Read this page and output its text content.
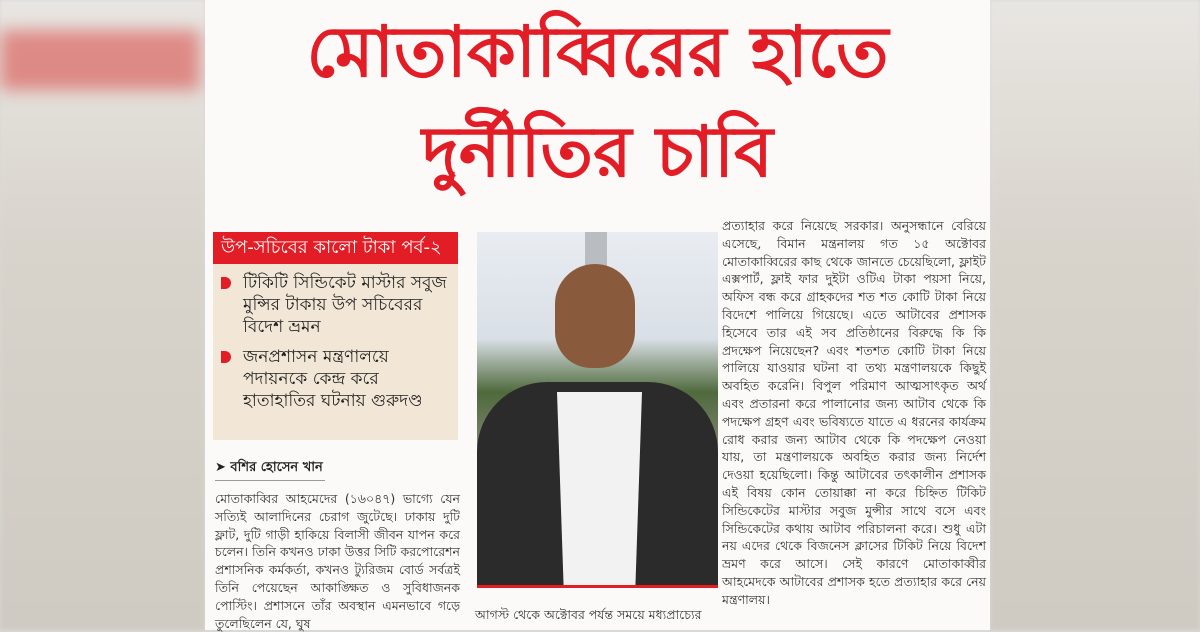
মোতাকাব্বিরের হাতে
দুর্নীতির চাবি
উপ-সচিবের কালো টাকা পর্ব-২
টিকিটি সিন্ডিকেট মাস্টার সবুজ মুন্সির টাকায় উপ সচিবেরর বিদেশ ভ্রমন
জনপ্রশাসন মন্ত্রণালয়ে পদায়নকে কেন্দ্র করে হাতাহাতির ঘটনায় গুরুদণ্ড
➤ বশির হোসেন খান
মোতাকাব্বির আহমেদের (১৬০৪৭) ভাগ্যে যেন সত্যিই আলাদিনের চেরাগ জুটেছে। ঢাকায় দুটি ফ্লাট, দুটি গাড়ী হাকিয়ে বিলাসী জীবন যাপন করে চলেন। তিনি কখনও ঢাকা উত্তর সিটি করপোরেশন প্রশাসনিক কর্মকর্তা, কখনও ট্যুরিজম বোর্ড সর্বত্রই তিনি পেয়েছেন আকাঙ্ক্ষিত ও সুবিধাজনক পোস্টিং। প্রশাসনে তাঁর অবস্থান এমনভাবে গড়ে তুলেছিলেন যে, ঘুষ
আগস্ট থেকে অক্টোবর পর্যন্ত সময়ে মধ্যপ্রাচ্যের
প্রত্যাহার করে নিয়েছে সরকার। অনুসন্ধানে বেরিয়ে এসেছে, বিমান মন্ত্রনালয় গত ১৫ অক্টোবর মোতাকাব্বিরের কাছ থেকে জানতে চেয়েছিলো, ফ্লাইট এক্সপার্ট, ফ্লাই ফার দুইটা ওটিএ টাকা পয়সা নিয়ে, অফিস বন্ধ করে গ্রাহকদের শত শত কোটি টাকা নিয়ে বিদেশে পালিয়ে গিয়েছে। এতে আটাবের প্রশাসক হিসেবে তার এই সব প্রতিষ্ঠানের বিরুদ্ধে কি কি প্রদক্ষেপ নিয়েছেন? এবং শতশত কোটি টাকা নিয়ে পালিয়ে যাওয়ার ঘটনা বা তথ্য মন্ত্রণালয়কে কিছুই অবহিত করেনি। বিপুল পরিমাণ আত্মসাৎকৃত অর্থ এবং প্রতারনা করে পালানোর জন্য আটাব থেকে কি পদক্ষেপ গ্রহণ এবং ভবিষ্যতে যাতে এ ধরনের কার্যক্রম রোধ করার জন্য আটাব থেকে কি পদক্ষেপ নেওয়া যায়, তা মন্ত্রণালয়কে অবহিত করার জন্য নির্দেশ দেওয়া হয়েছিলো। কিন্তু আটাবের তৎকালীন প্রশাসক এই বিষয় কোন তোয়াক্কা না করে চিহ্নিত টিকিট সিন্ডিকেটের মাস্টার সবুজ মুন্সীর সাথে বসে এবং সিন্ডিকেটের কথায় আটাব পরিচালনা করে। শুধু এটা নয় এদের থেকে বিজনেস ক্লাসের টিকিট নিয়ে বিদেশ ভ্রমণ করে আসে। সেই কারণে মোতাকাব্বীর আহমেদকে আটাবের প্রশাসক হতে প্রত্যাহার করে নেয় মন্ত্রণালয়।
